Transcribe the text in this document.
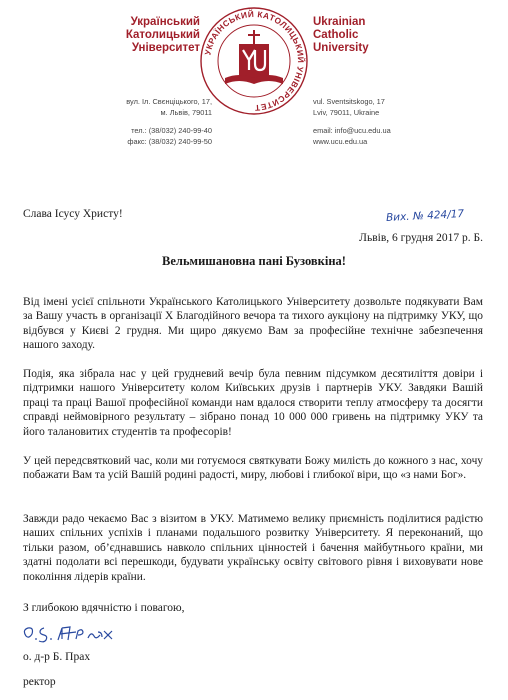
Український
Католицький
Університет УКРАЇНСЬКИЙ КАТОЛИЦЬКИЙ УНІВЕРСИТЕТ
Ukrainian
Catholic
University
вул. Іл. Свєнціцького, 17,
м. Львів, 79011
тел.: (38/032) 240-99-40
факс: (38/032) 240-99-50
vul. Sventsitskogo, 17
Lviv, 79011, Ukraine
email: info@ucu.edu.ua
www.ucu.edu.ua
Слава Ісусу Христу!	Вих. № 424/17
Львів, 6 грудня 2017 р. Б.
Вельмишановна пані Бузовкіна!
Від імені усієї спільноти Українського Католицького Університету дозвольте подякувати Вам за Вашу участь в організації Х Благодійного вечора та тихого аукціону на підтримку УКУ, що відбувся у Києві 2 грудня. Ми щиро дякуємо Вам за професійне технічне забезпечення нашого заходу.
Подія, яка зібрала нас у цей грудневий вечір була певним підсумком десятиліття довіри і підтримки нашого Університету колом Київських друзів і партнерів УКУ. Завдяки Вашій праці та праці Вашої професійної команди нам вдалося створити теплу атмосферу та досягти справді неймовірного результату – зібрано понад 10 000 000 гривень на підтримку УКУ та його талановитих студентів та професорів!
У цей передсвятковий час, коли ми готуємося святкувати Божу милість до кожного з нас, хочу побажати Вам та усій Вашій родині радості, миру, любові і глибокої віри, що «з нами Бог».
Завжди радо чекаємо Вас з візитом в УКУ. Матимемо велику приємність поділитися радістю наших спільних успіхів і планами подальшого розвитку Університету. Я переконаний, що тільки разом, об’єднавшись навколо спільних цінностей і бачення майбутнього країни, ми здатні подолати всі перешкоди, будувати українську освіту світового рівня і виховувати нове покоління лідерів країни.
З глибокою вдячністю і повагою,
о. д-р Б. Прах
ректор
